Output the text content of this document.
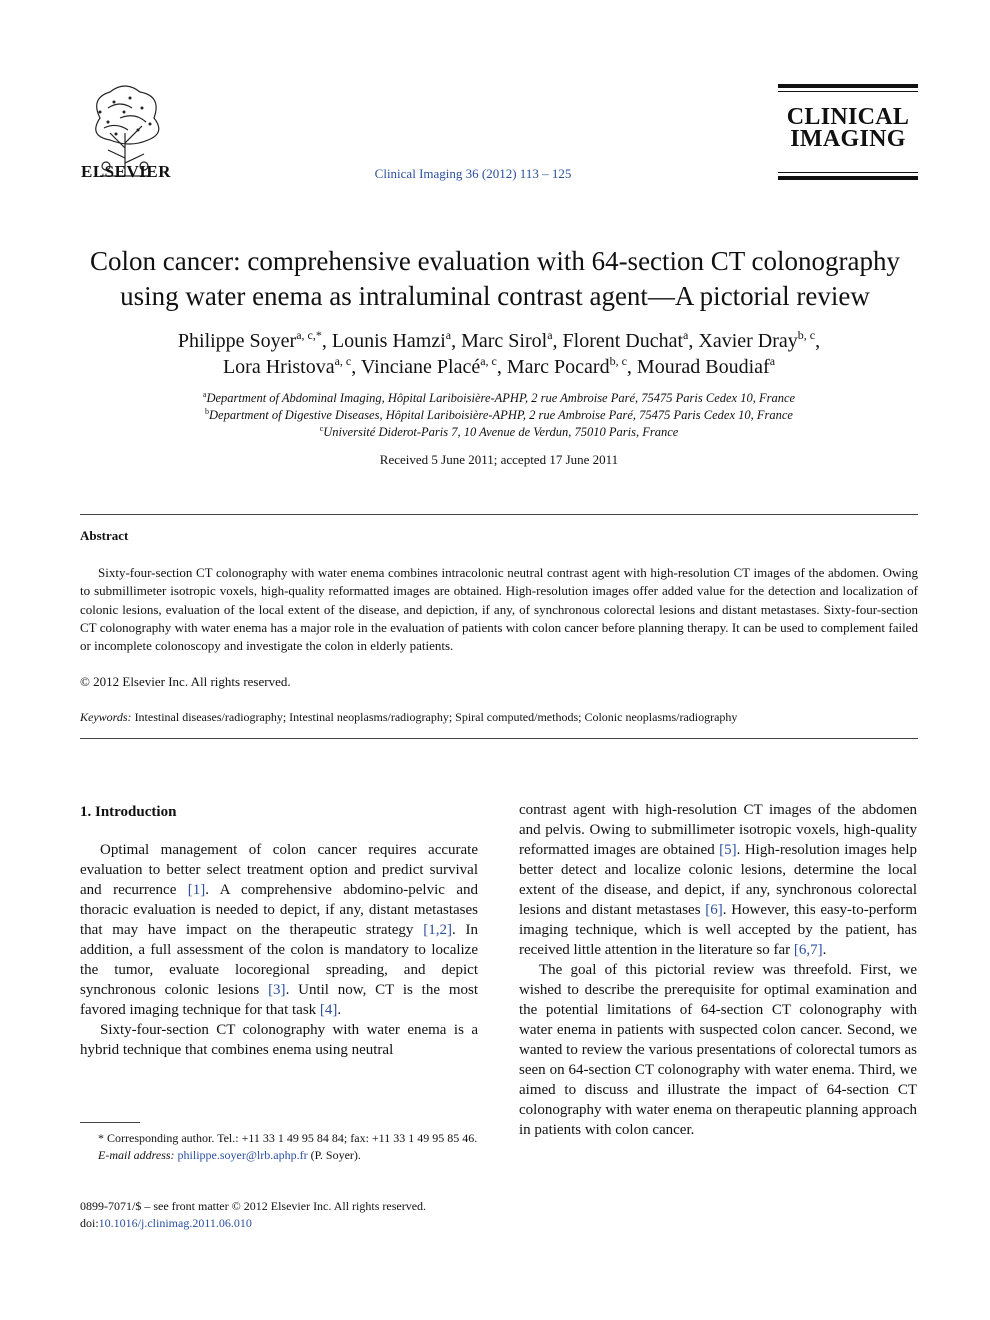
ELSEVIER	Clinical Imaging 36 (2012) 113 – 125
CLINICAL
IMAGING
Colon cancer: comprehensive evaluation with 64-section CT colonography
using water enema as intraluminal contrast agent—A pictorial review
Philippe Soyer$^{a, c,*}$, Lounis Hamzi$^a$, Marc Sirol$^a$, Florent Duchat$^a$, Xavier Dray$^{b, c}$,
Lora Hristova$^{a, c}$, Vinciane Placé$^{a, c}$, Marc Pocard$^{b, c}$, Mourad Boudiaf$^a$
$^a$Department of Abdominal Imaging, Hôpital Lariboisière-APHP, 2 rue Ambroise Paré, 75475 Paris Cedex 10, France
$^b$Department of Digestive Diseases, Hôpital Lariboisière-APHP, 2 rue Ambroise Paré, 75475 Paris Cedex 10, France
$^c$Université Diderot-Paris 7, 10 Avenue de Verdun, 75010 Paris, France
Received 5 June 2011; accepted 17 June 2011
Abstract
Sixty-four-section CT colonography with water enema combines intracolonic neutral contrast agent with high-resolution CT images of the abdomen. Owing to submillimeter isotropic voxels, high-quality reformatted images are obtained. High-resolution images offer added value for the detection and localization of colonic lesions, evaluation of the local extent of the disease, and depiction, if any, of synchronous colorectal lesions and distant metastases. Sixty-four-section CT colonography with water enema has a major role in the evaluation of patients with colon cancer before planning therapy. It can be used to complement failed or incomplete colonoscopy and investigate the colon in elderly patients.
© 2012 Elsevier Inc. All rights reserved.
Keywords: Intestinal diseases/radiography; Intestinal neoplasms/radiography; Spiral computed/methods; Colonic neoplasms/radiography
1. Introduction

Optimal management of colon cancer requires accurate evaluation to better select treatment option and predict survival and recurrence [1]. A comprehensive abdomino-pelvic and thoracic evaluation is needed to depict, if any, distant metastases that may have impact on the therapeutic strategy [1,2]. In addition, a full assessment of the colon is mandatory to localize the tumor, evaluate locoregional spreading, and depict synchronous colonic lesions [3]. Until now, CT is the most favored imaging technique for that task [4].

Sixty-four-section CT colonography with water enema is a hybrid technique that combines enema using neutral

contrast agent with high-resolution CT images of the abdomen and pelvis. Owing to submillimeter isotropic voxels, high-quality reformatted images are obtained [5]. High-resolution images help better detect and localize colonic lesions, determine the local extent of the disease, and depict, if any, synchronous colorectal lesions and distant metastases [6]. However, this easy-to-perform imaging technique, which is well accepted by the patient, has received little attention in the literature so far [6,7].

The goal of this pictorial review was threefold. First, we wished to describe the prerequisite for optimal examination and the potential limitations of 64-section CT colonography with water enema in patients with suspected colon cancer. Second, we wanted to review the various presentations of colorectal tumors as seen on 64-section CT colonography with water enema. Third, we aimed to discuss and illustrate the impact of 64-section CT colonography with water enema on therapeutic planning approach in patients with colon cancer.

* Corresponding author. Tel.: +11 33 1 49 95 84 84; fax: +11 33 1 49 95 85 46.
E-mail address: philippe.soyer@lrb.aphp.fr (P. Soyer).
0899-7071/$ – see front matter © 2012 Elsevier Inc. All rights reserved.
doi:10.1016/j.clinimag.2011.06.010
